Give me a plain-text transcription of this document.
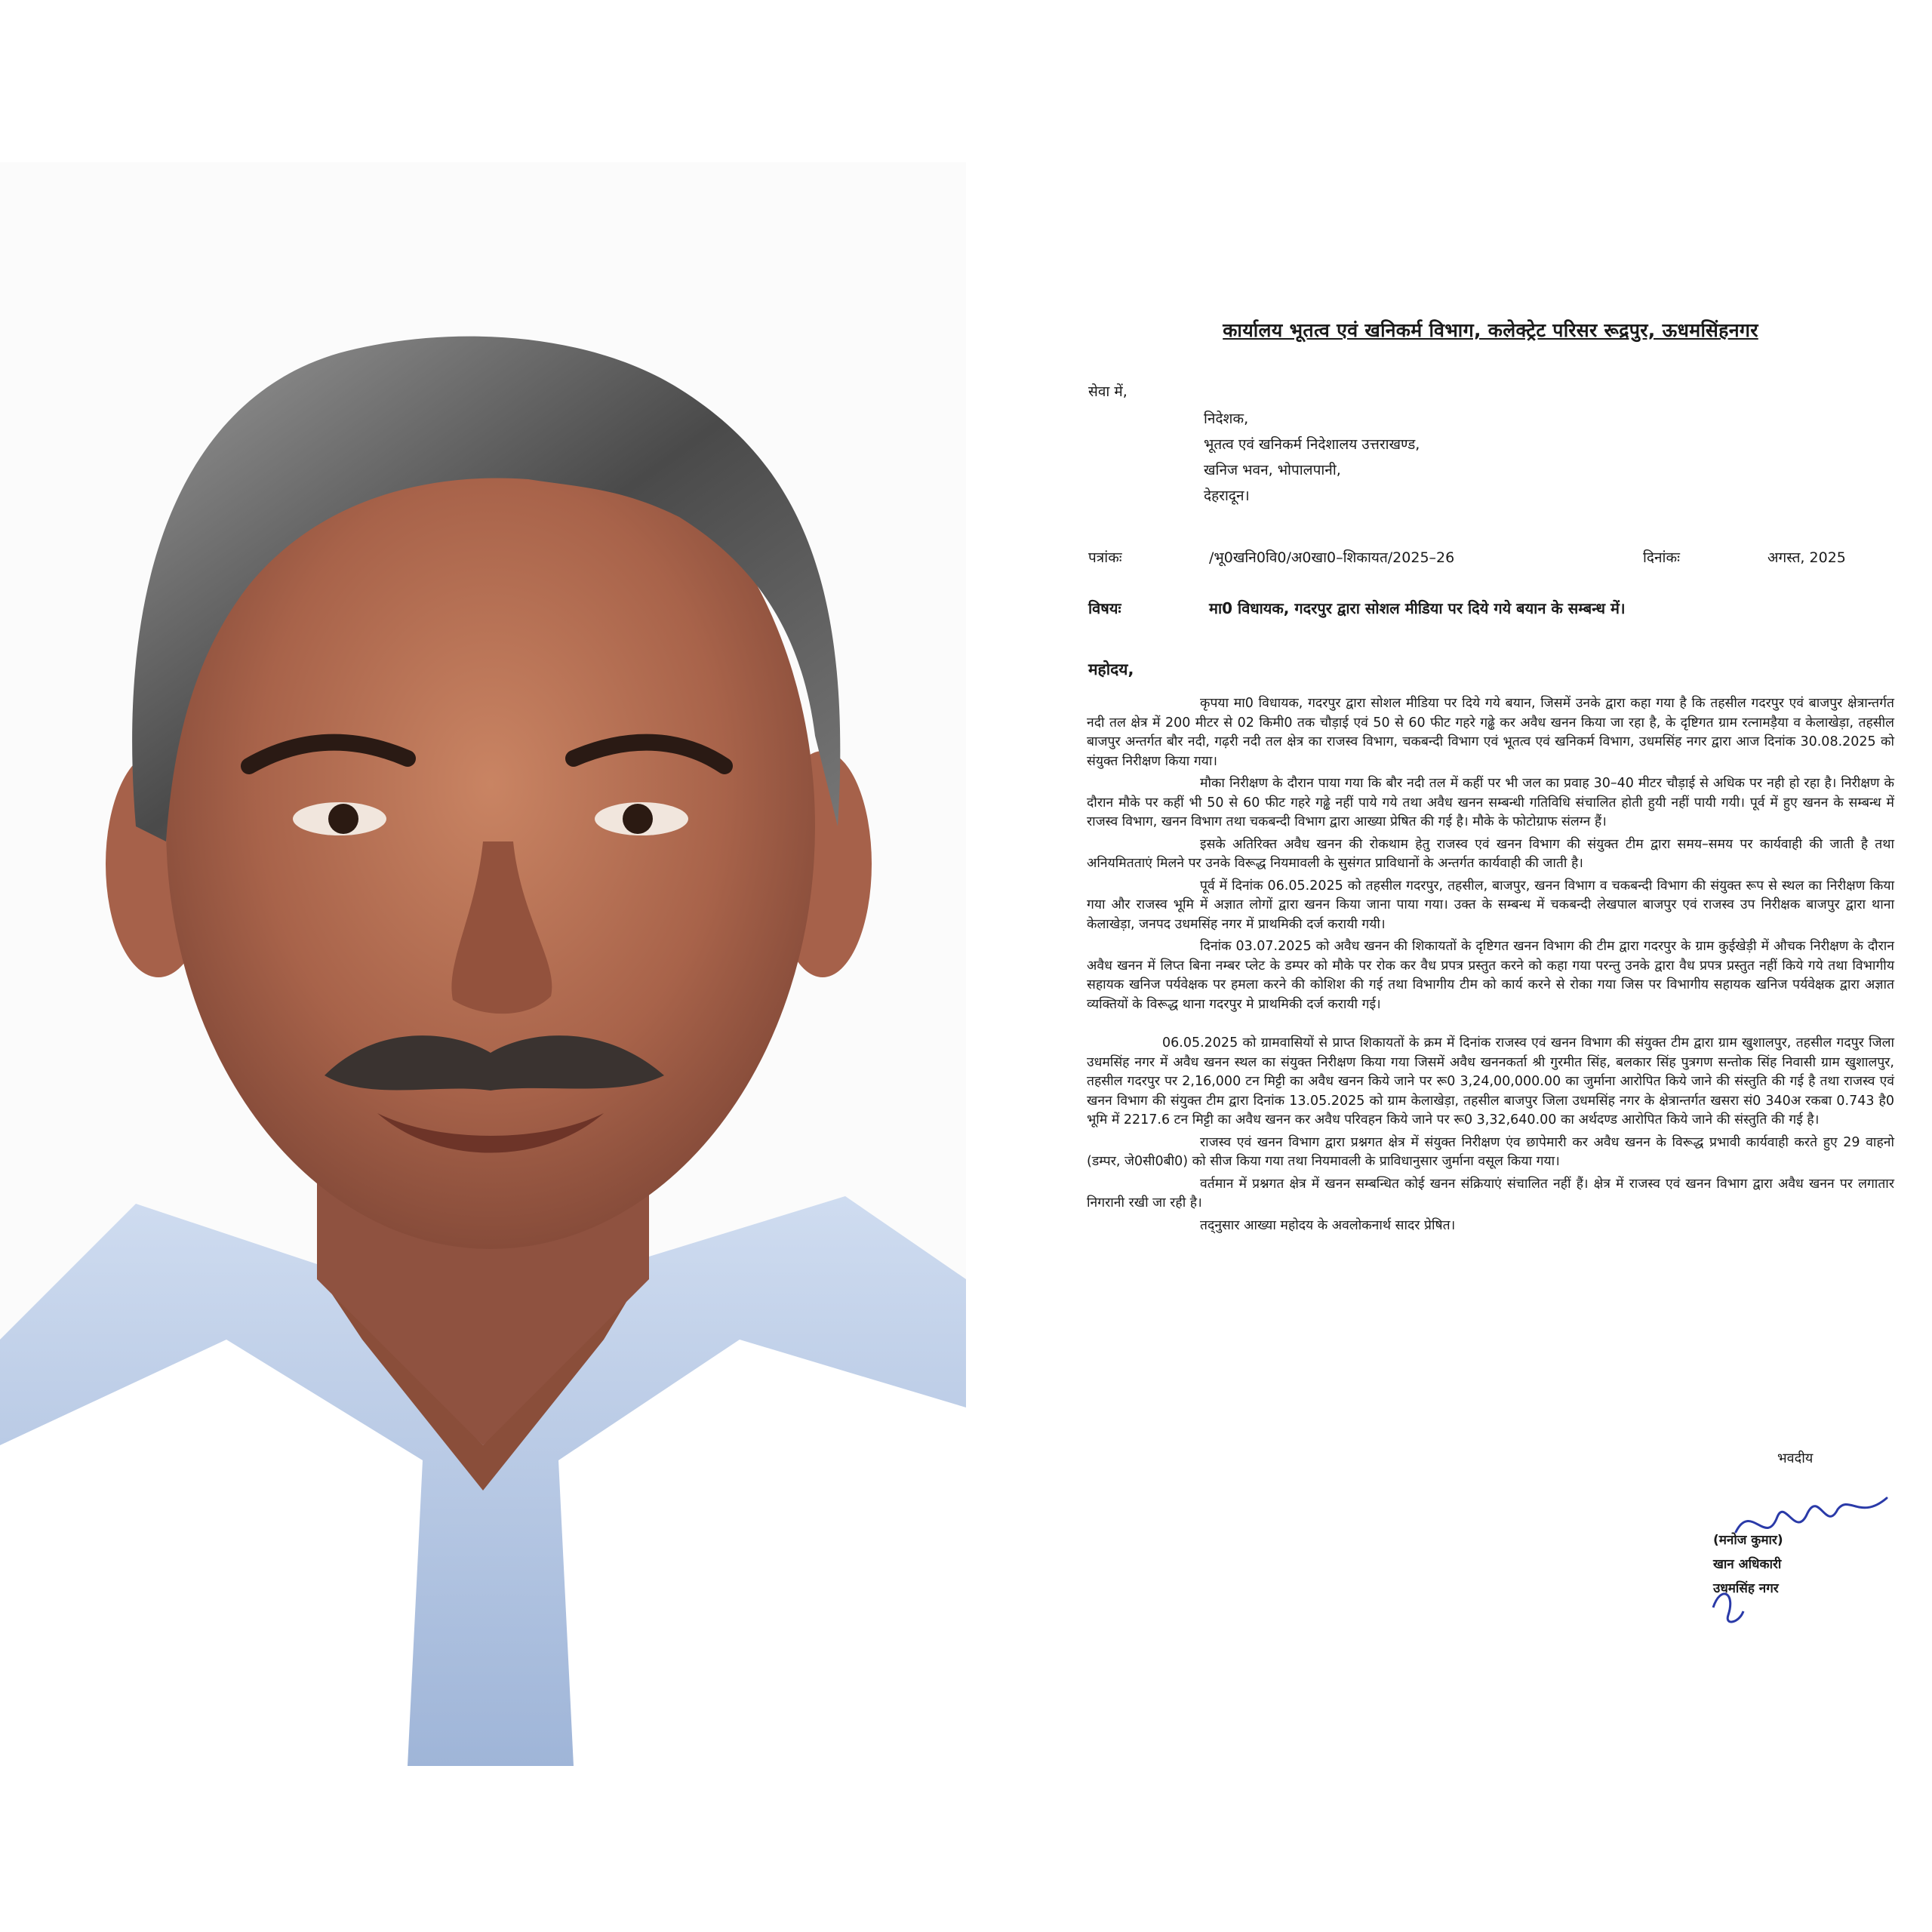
कार्यालय भूतत्व एवं खनिकर्म विभाग, कलेक्ट्रेट परिसर रूद्रपुर, ऊधमसिंहनगर
सेवा में,
निदेशक,
भूतत्व एवं खनिकर्म निदेशालय उत्तराखण्ड,
खनिज भवन, भोपालपानी,
देहरादून।
पत्रांकः	/भू0खनि0वि0/अ0खा0–शिकायत/2025–26	दिनांकः	अगस्त, 2025
विषयः	मा0 विधायक, गदरपुर द्वारा सोशल मीडिया पर दिये गये बयान के सम्बन्ध में।
महोदय,

कृपया मा0 विधायक, गदरपुर द्वारा सोशल मीडिया पर दिये गये बयान, जिसमें उनके द्वारा कहा गया है कि तहसील गदरपुर एवं बाजपुर क्षेत्रान्तर्गत नदी तल क्षेत्र में 200 मीटर से 02 किमी0 तक चौड़ाई एवं 50 से 60 फीट गहरे गढ्ढे कर अवैध खनन किया जा रहा है, के दृष्टिगत ग्राम रत्नामड़ैया व केलाखेड़ा, तहसील बाजपुर अन्तर्गत बौर नदी, गढ़री नदी तल क्षेत्र का राजस्व विभाग, चकबन्दी विभाग एवं भूतत्व एवं खनिकर्म विभाग, उधमसिंह नगर द्वारा आज दिनांक 30.08.2025 को संयुक्त निरीक्षण किया गया।

मौका निरीक्षण के दौरान पाया गया कि बौर नदी तल में कहीं पर भी जल का प्रवाह 30–40 मीटर चौड़ाई से अधिक पर नही हो रहा है। निरीक्षण के दौरान मौके पर कहीं भी 50 से 60 फीट गहरे गढ्ढे नहीं पाये गये तथा अवैध खनन सम्बन्धी गतिविधि संचालित होती हुयी नहीं पायी गयी। पूर्व में हुए खनन के सम्बन्ध में राजस्व विभाग, खनन विभाग तथा चकबन्दी विभाग द्वारा आख्या प्रेषित की गई है। मौके के फोटोग्राफ संलग्न हैं।

इसके अतिरिक्त अवैध खनन की रोकथाम हेतु राजस्व एवं खनन विभाग की संयुक्त टीम द्वारा समय–समय पर कार्यवाही की जाती है तथा अनियमितताएं मिलने पर उनके विरूद्ध नियमावली के सुसंगत प्राविधानों के अन्तर्गत कार्यवाही की जाती है।

पूर्व में दिनांक 06.05.2025 को तहसील गदरपुर, तहसील, बाजपुर, खनन विभाग व चकबन्दी विभाग की संयुक्त रूप से स्थल का निरीक्षण किया गया और राजस्व भूमि में अज्ञात लोगों द्वारा खनन किया जाना पाया गया। उक्त के सम्बन्ध में चकबन्दी लेखपाल बाजपुर एवं राजस्व उप निरीक्षक बाजपुर द्वारा थाना केलाखेड़ा, जनपद उधमसिंह नगर में प्राथमिकी दर्ज करायी गयी।

दिनांक 03.07.2025 को अवैध खनन की शिकायतों के दृष्टिगत खनन विभाग की टीम द्वारा गदरपुर के ग्राम कुईखेड़ी में औचक निरीक्षण के दौरान अवैध खनन में लिप्त बिना नम्बर प्लेट के डम्पर को मौके पर रोक कर वैध प्रपत्र प्रस्तुत करने को कहा गया परन्तु उनके द्वारा वैध प्रपत्र प्रस्तुत नहीं किये गये तथा विभागीय सहायक खनिज पर्यवेक्षक पर हमला करने की कोशिश की गई तथा विभागीय टीम को कार्य करने से रोका गया जिस पर विभागीय सहायक खनिज पर्यवेक्षक द्वारा अज्ञात व्यक्तियों के विरूद्ध थाना गदरपुर मे प्राथमिकी दर्ज करायी गई।

06.05.2025 को ग्रामवासियों से प्राप्त शिकायतों के क्रम में दिनांक राजस्व एवं खनन विभाग की संयुक्त टीम द्वारा ग्राम खुशालपुर, तहसील गदपुर जिला उधमसिंह नगर में अवैध खनन स्थल का संयुक्त निरीक्षण किया गया जिसमें अवैध खननकर्ता श्री गुरमीत सिंह, बलकार सिंह पुत्रगण सन्तोक सिंह निवासी ग्राम खुशालपुर, तहसील गदरपुर पर 2,16,000 टन मिट्टी का अवैध खनन किये जाने पर रू0 3,24,00,000.00 का जुर्माना आरोपित किये जाने की संस्तुति की गई है तथा राजस्व एवं खनन विभाग की संयुक्त टीम द्वारा दिनांक 13.05.2025 को ग्राम केलाखेड़ा, तहसील बाजपुर जिला उधमसिंह नगर के क्षेत्रान्तर्गत खसरा सं0 340अ रकबा 0.743 है0 भूमि में 2217.6 टन मिट्टी का अवैध खनन कर अवैध परिवहन किये जाने पर रू0 3,32,640.00 का अर्थदण्ड आरोपित किये जाने की संस्तुति की गई है।

राजस्व एवं खनन विभाग द्वारा प्रश्नगत क्षेत्र में संयुक्त निरीक्षण एंव छापेमारी कर अवैध खनन के विरूद्ध प्रभावी कार्यवाही करते हुए 29 वाहनो (डम्पर, जे0सी0बी0) को सीज किया गया तथा नियमावली के प्राविधानुसार जुर्माना वसूल किया गया।

वर्तमान में प्रश्नगत क्षेत्र में खनन सम्बन्धित कोई खनन संक्रियाएं संचालित नहीं हैं। क्षेत्र में राजस्व एवं खनन विभाग द्वारा अवैध खनन पर लगातार निगरानी रखी जा रही है।

तद्नुसार आख्या महोदय के अवलोकनार्थ सादर प्रेषित।

भवदीय
(मनोज कुमार)
खान अधिकारी
उधमसिंह नगर
